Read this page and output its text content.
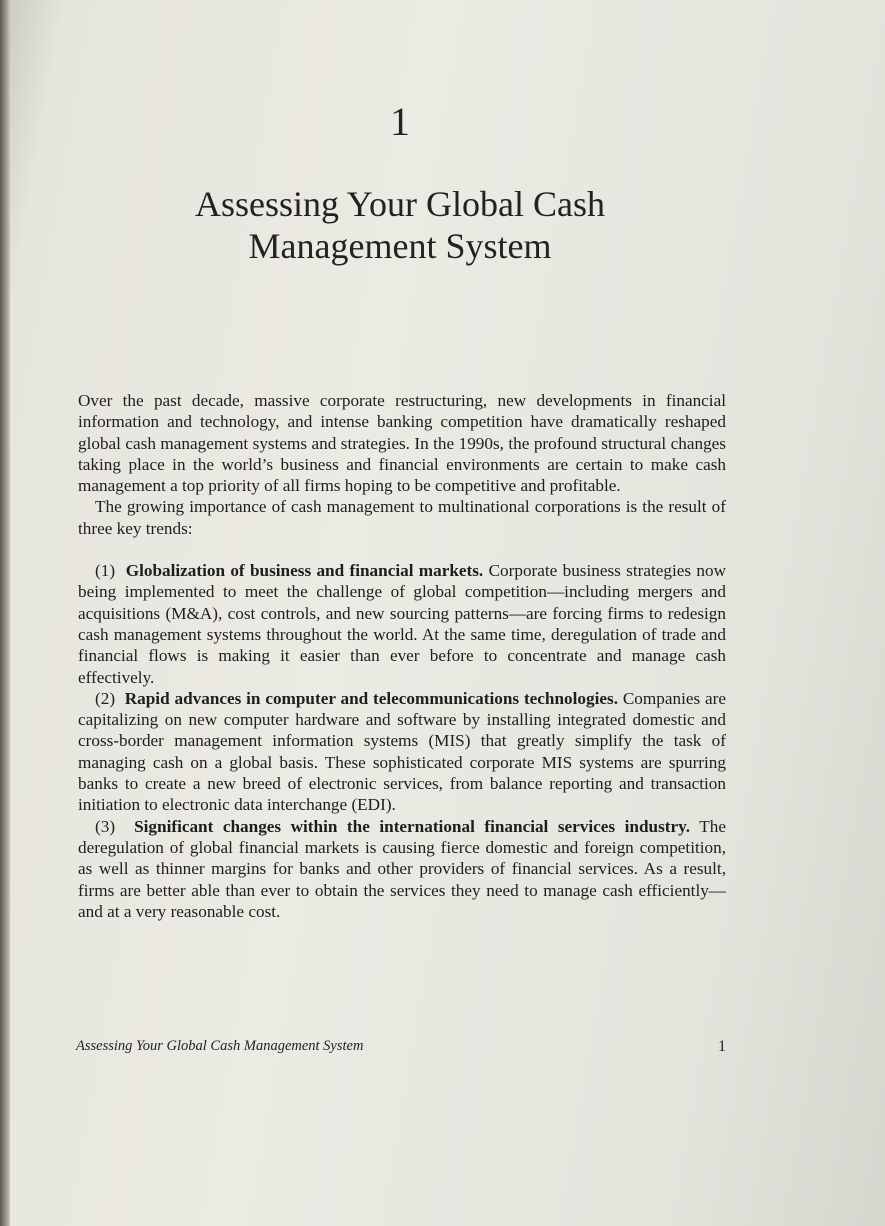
1
Assessing Your Global Cash
Management System

Over the past decade, massive corporate restructuring, new developments in financial information and technology, and intense banking competition have dramatically reshaped global cash management systems and strategies. In the 1990s, the profound structural changes taking place in the world’s business and financial environments are certain to make cash management a top priority of all firms hoping to be competitive and profitable.

The growing importance of cash management to multinational corporations is the result of three key trends:

(1) Globalization of business and financial markets. Corporate business strategies now being implemented to meet the challenge of global competition—including mergers and acquisitions (M&A), cost controls, and new sourcing patterns—are forcing firms to redesign cash management systems throughout the world. At the same time, deregulation of trade and financial flows is making it easier than ever before to concentrate and manage cash effectively.

(2) Rapid advances in computer and telecommunications technologies. Companies are capitalizing on new computer hardware and software by installing integrated domestic and cross-border management information systems (MIS) that greatly simplify the task of managing cash on a global basis. These sophisticated corporate MIS systems are spurring banks to create a new breed of electronic services, from balance reporting and transaction initiation to electronic data interchange (EDI).

(3) Significant changes within the international financial services industry. The deregulation of global financial markets is causing fierce domestic and foreign competition, as well as thinner margins for banks and other providers of financial services. As a result, firms are better able than ever to obtain the services they need to manage cash efficiently—and at a very reasonable cost.

Assessing Your Global Cash Management System	1
